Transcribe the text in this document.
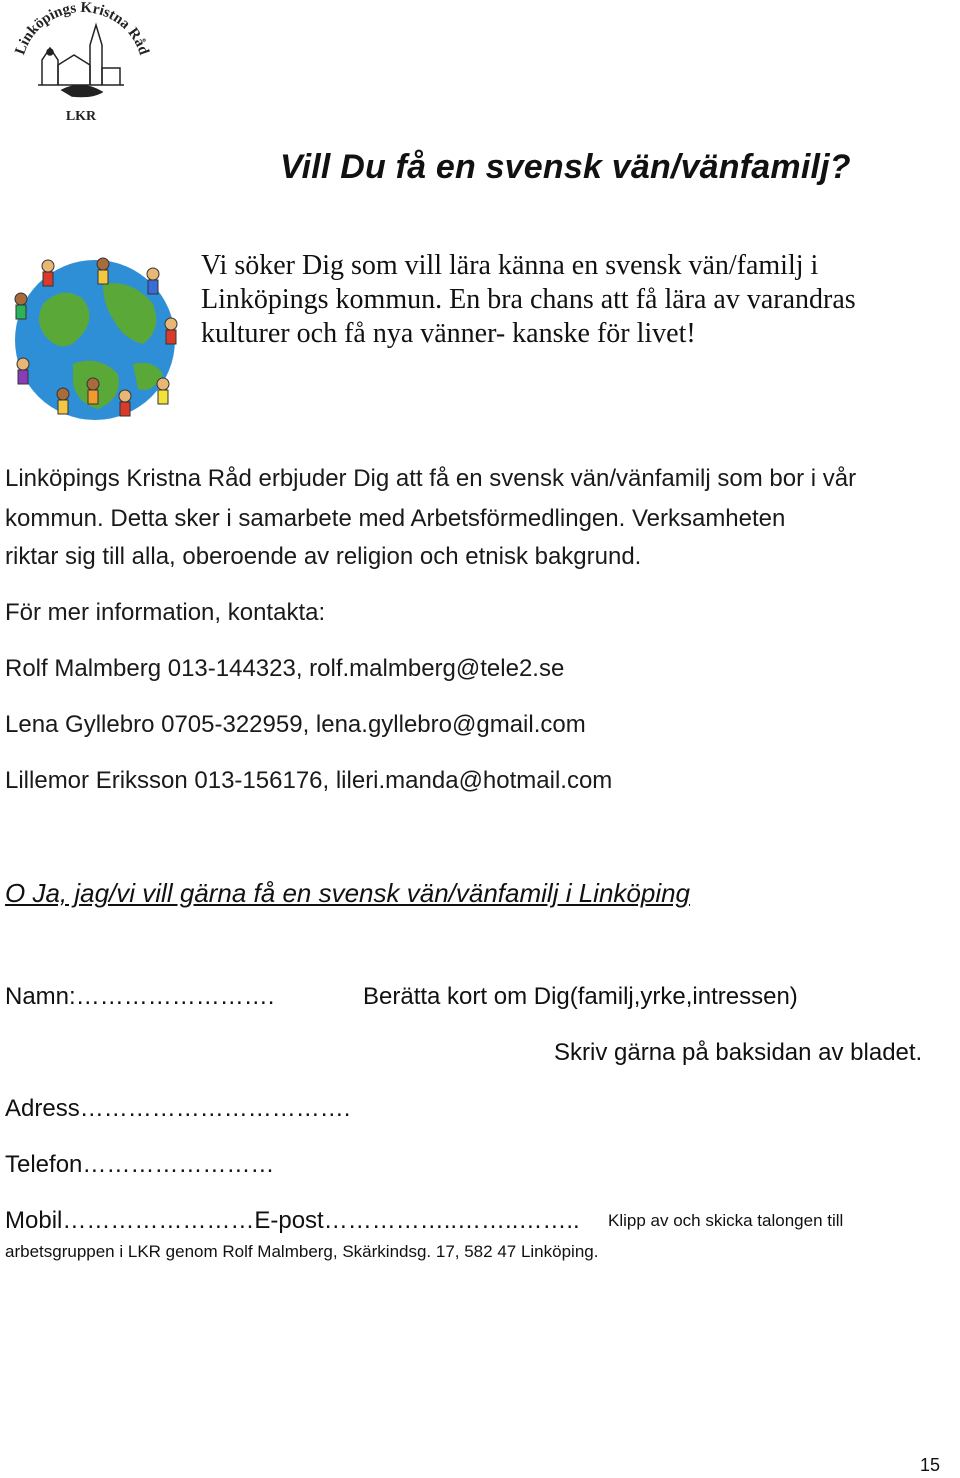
Linköpings Kristna Råd
LKR
Vill Du få en svensk vän/vänfamilj?
Vi söker Dig som vill lära känna en svensk vän/familj i
Linköpings kommun. En bra chans att få lära av varandras
kulturer och få nya vänner- kanske för livet!
Linköpings Kristna Råd erbjuder Dig att få en svensk vän/vänfamilj som bor i vår
kommun. Detta sker i samarbete med Arbetsförmedlingen. Verksamheten
riktar sig till alla, oberoende av religion och etnisk bakgrund.
För mer information, kontakta:
Rolf Malmberg 013-144323, rolf.malmberg@tele2.se
Lena Gyllebro 0705-322959, lena.gyllebro@gmail.com
Lillemor Eriksson 013-156176, lileri.manda@hotmail.com
O Ja, jag/vi vill gärna få en svensk vän/vänfamilj i Linköping
Namn:…………………….	Berätta kort om Dig(familj,yrke,intressen)
Skriv gärna på baksidan av bladet.
Adress…………………………….
Telefon……………………
Mobil……………………E-post……………..……..…….. Klipp av och skicka talongen till
arbetsgruppen i LKR genom Rolf Malmberg, Skärkindsg. 17, 582 47 Linköping.
15
